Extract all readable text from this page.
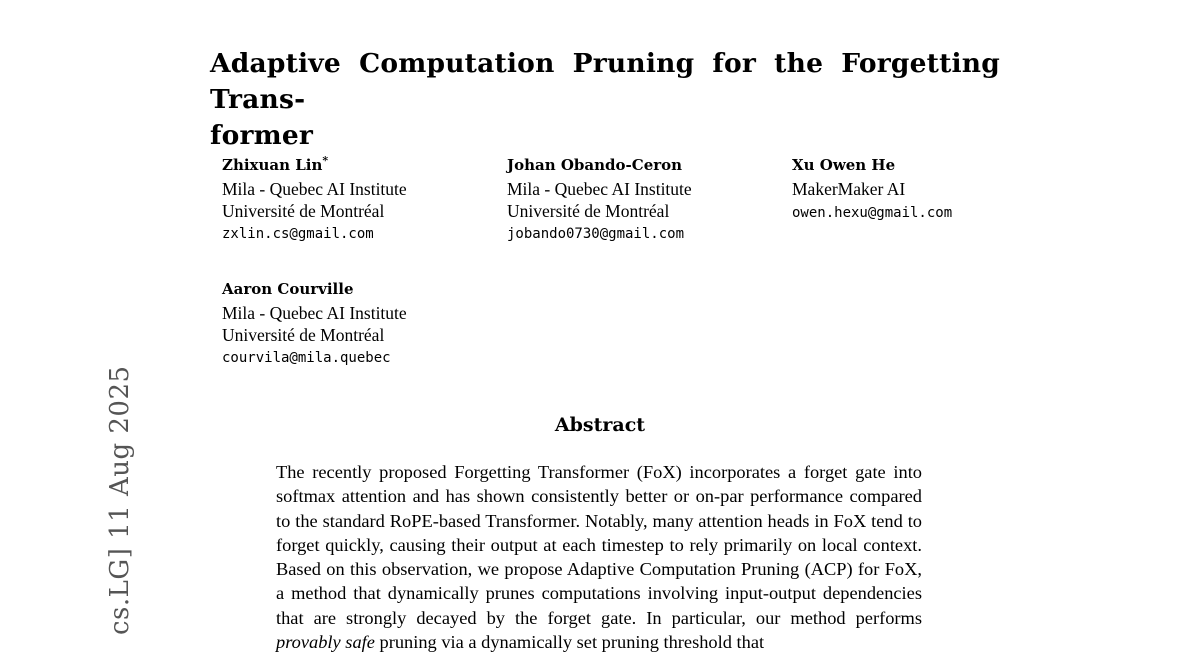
cs.LG] 11 Aug 2025
Adaptive Computation Pruning for the Forgetting Trans-
former
Zhixuan Lin*
Mila - Quebec AI Institute
Université de Montréal
zxlin.cs@gmail.com
Johan Obando-Ceron
Mila - Quebec AI Institute
Université de Montréal
jobando0730@gmail.com
Xu Owen He
MakerMaker AI
owen.hexu@gmail.com
Aaron Courville
Mila - Quebec AI Institute
Université de Montréal
courvila@mila.quebec
Abstract
The recently proposed Forgetting Transformer (FoX) incorporates a forget gate into softmax attention and has shown consistently better or on-par performance compared to the standard RoPE-based Transformer. Notably, many attention heads in FoX tend to forget quickly, causing their output at each timestep to rely primarily on local context. Based on this observation, we propose Adaptive Computation Pruning (ACP) for FoX, a method that dynamically prunes computations involving input-output dependencies that are strongly decayed by the forget gate. In particular, our method performs provably safe pruning via a dynamically set pruning threshold that
